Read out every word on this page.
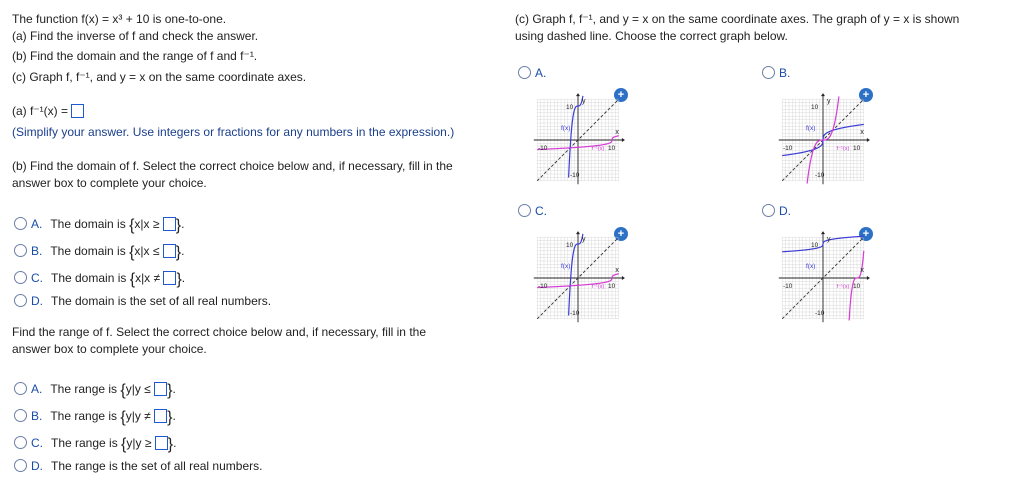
The function f(x) = x³ + 10 is one-to-one.
(a) Find the inverse of f and check the answer.
(b) Find the domain and the range of f and f⁻¹.
(c) Graph f, f⁻¹, and y = x on the same coordinate axes.
(a) f⁻¹(x) =
(Simplify your answer. Use integers or fractions for any numbers in the expression.)
(b) Find the domain of f. Select the correct choice below and, if necessary, fill in the
answer box to complete your choice.
A. The domain is {x|x ≥ }.
B. The domain is {x|x ≤ }.
C. The domain is {x|x ≠ }.
D. The domain is the set of all real numbers.
Find the range of f. Select the correct choice below and, if necessary, fill in the
answer box to complete your choice.
A. The range is {y|y ≤ }.
B. The range is {y|y ≠ }.
C. The range is {y|y ≥ }.
D. The range is the set of all real numbers.
(c) Graph f, f⁻¹, and y = x on the same coordinate axes. The graph of y = x is shown
using dashed line. Choose the correct graph below.
A.	B.
C.	D.
+	+
+	+
y
x
10
-10
10
-10
f(x)
f⁻¹(x)
y
x
10
-10
10
-10
f(x)
f⁻¹(x)
y
x
10
-10
10
-10
f(x)
f⁻¹(x)
y
x
10
-10
10
-10
f(x)
f⁻¹(x)
